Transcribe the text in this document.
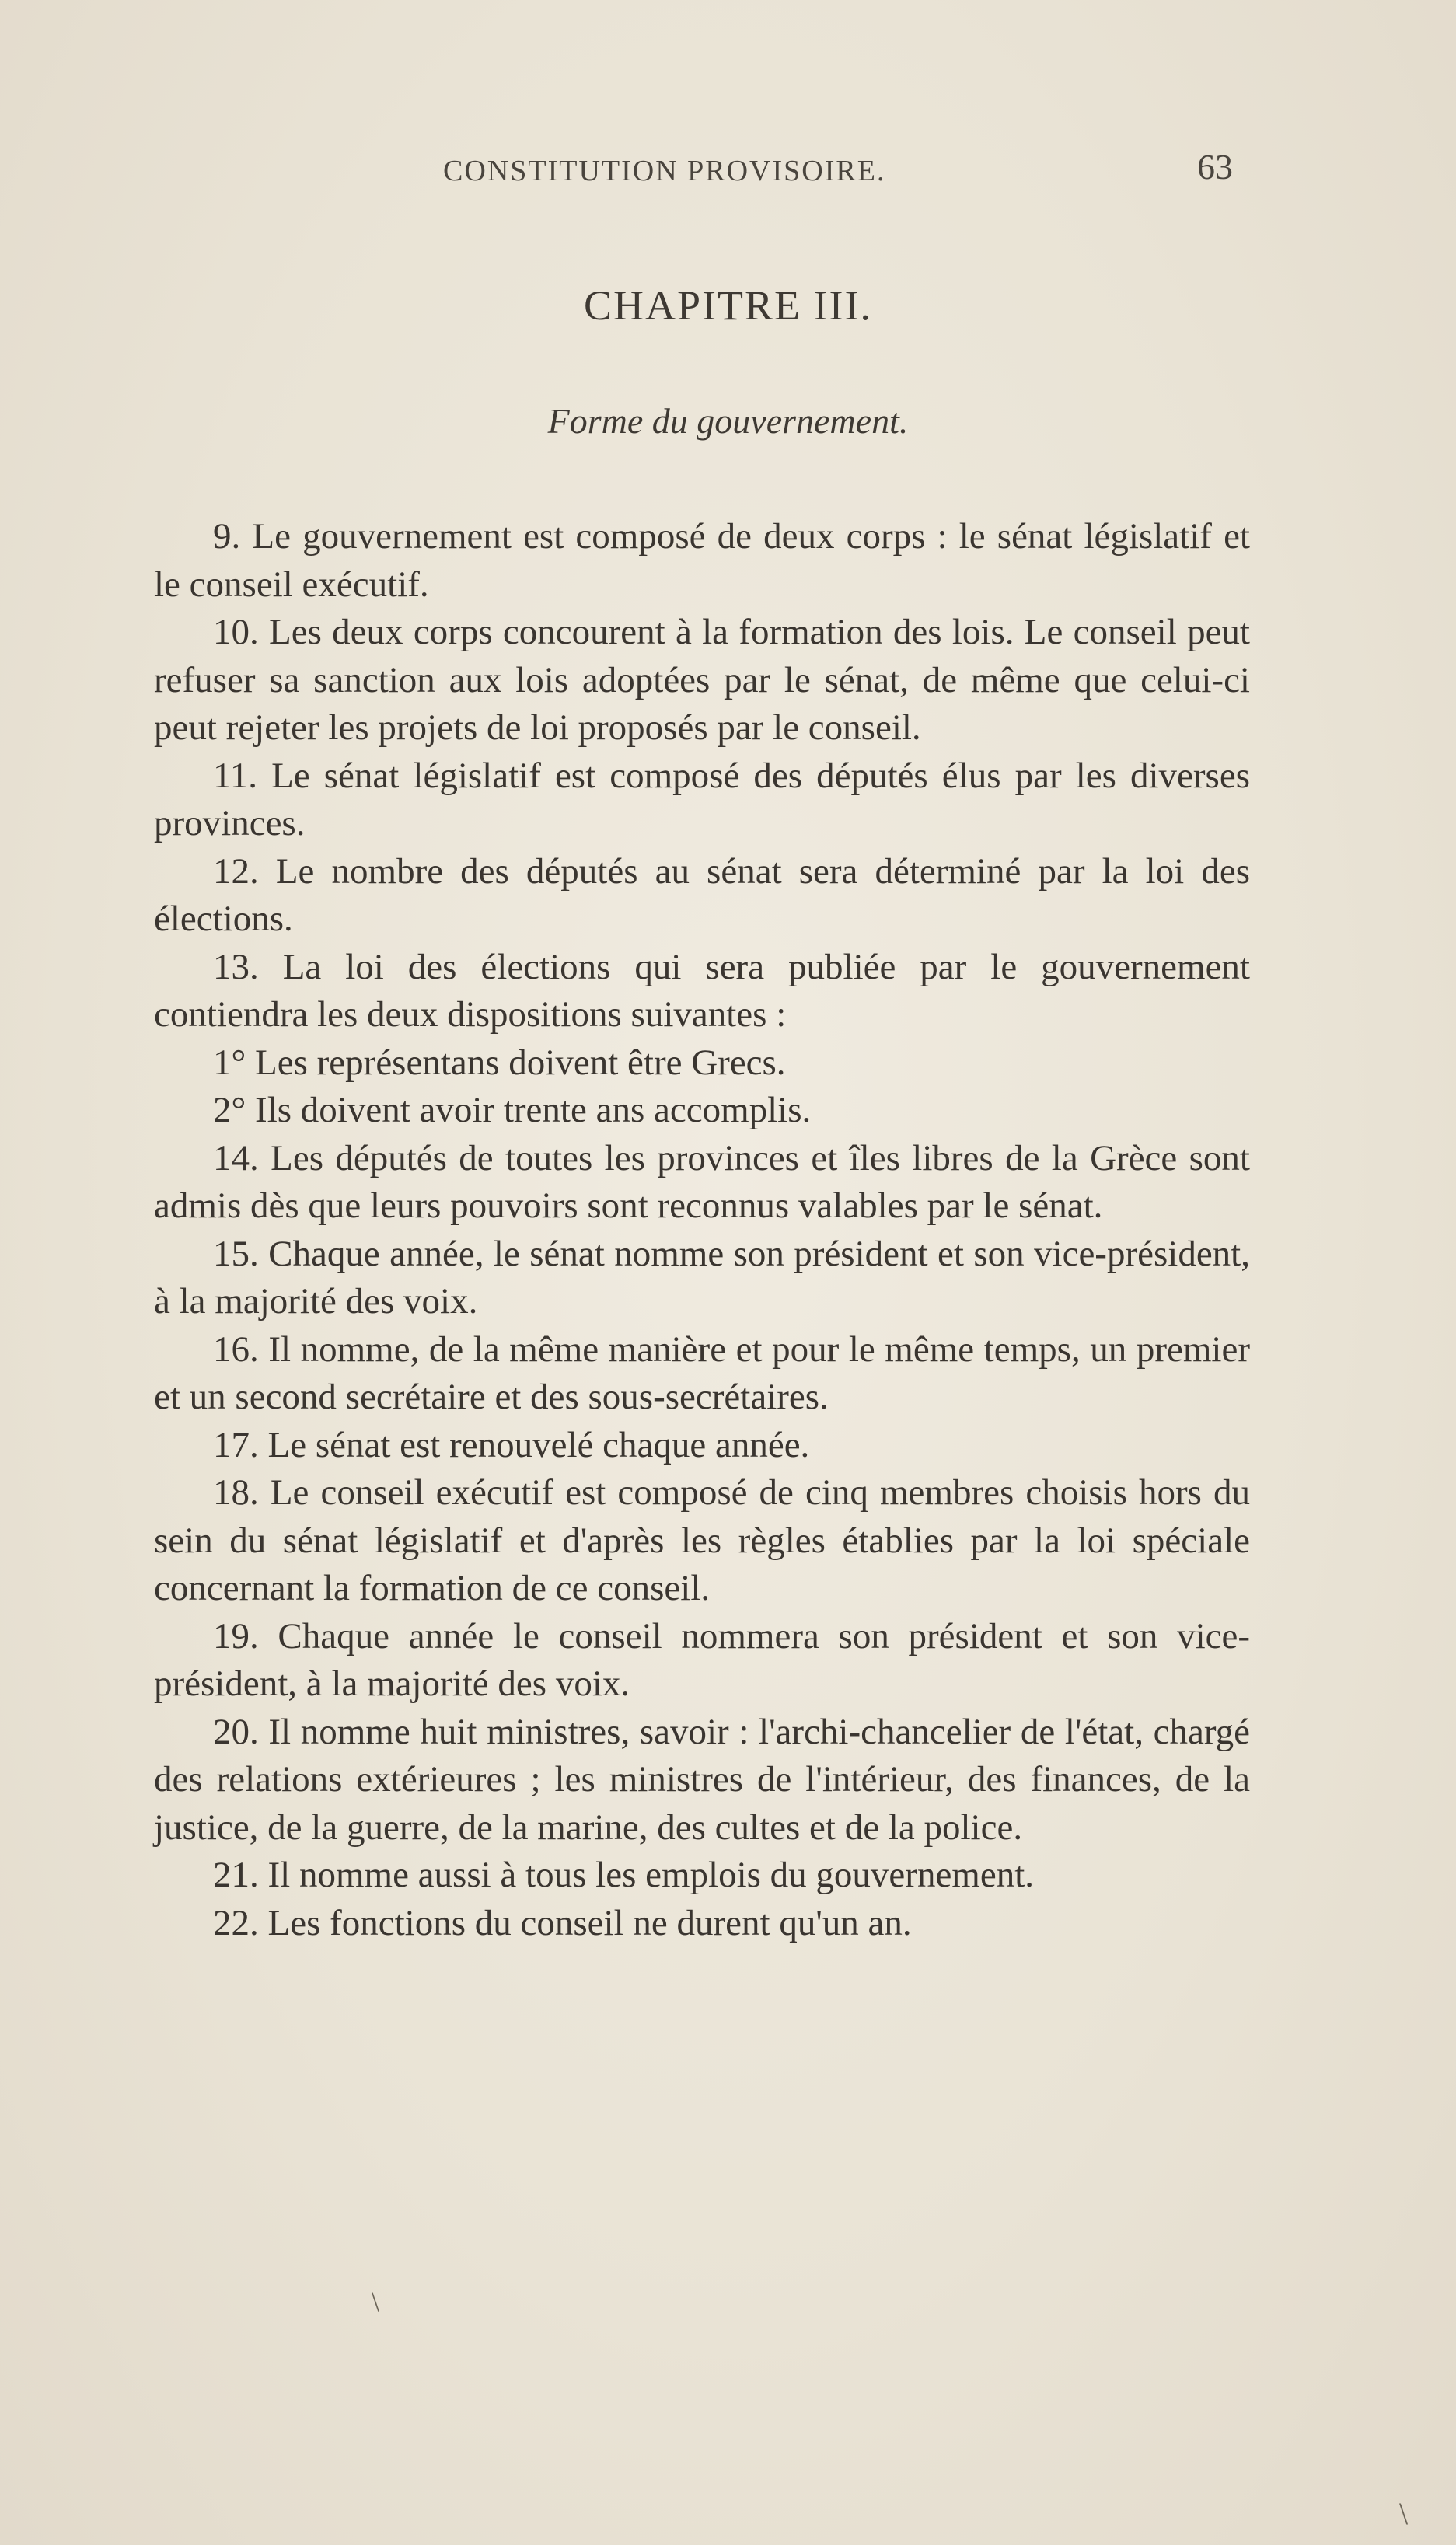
CONSTITUTION PROVISOIRE.	63
CHAPITRE III.
Forme du gouvernement.

9. Le gouvernement est composé de deux corps : le sénat législatif et le conseil exécutif.

10. Les deux corps concourent à la formation des lois. Le conseil peut refuser sa sanction aux lois adoptées par le sénat, de même que celui-ci peut rejeter les projets de loi proposés par le conseil.

11. Le sénat législatif est composé des députés élus par les diverses provinces.

12. Le nombre des députés au sénat sera déterminé par la loi des élections.

13. La loi des élections qui sera publiée par le gouvernement contiendra les deux dispositions suivantes :

1° Les représentans doivent être Grecs.

2° Ils doivent avoir trente ans accomplis.

14. Les députés de toutes les provinces et îles libres de la Grèce sont admis dès que leurs pouvoirs sont reconnus valables par le sénat.

15. Chaque année, le sénat nomme son président et son vice-président, à la majorité des voix.

16. Il nomme, de la même manière et pour le même temps, un premier et un second secrétaire et des sous-secrétaires.

17. Le sénat est renouvelé chaque année.

18. Le conseil exécutif est composé de cinq membres choisis hors du sein du sénat législatif et d'après les règles établies par la loi spéciale concernant la formation de ce conseil.

19. Chaque année le conseil nommera son président et son vice-président, à la majorité des voix.

20. Il nomme huit ministres, savoir : l'archi-chancelier de l'état, chargé des relations extérieures ; les ministres de l'intérieur, des finances, de la justice, de la guerre, de la marine, des cultes et de la police.

21. Il nomme aussi à tous les emplois du gouvernement.

22. Les fonctions du conseil ne durent qu'un an.

\
\
